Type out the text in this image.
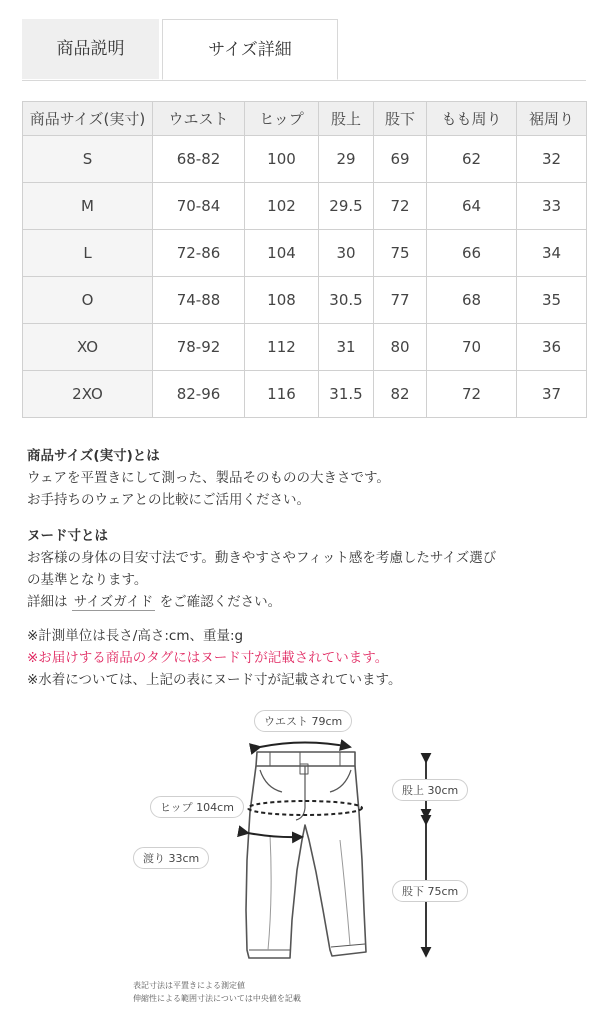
商品説明	サイズ詳細
商品サイズ(実寸)	ウエスト	ヒップ	股上	股下	もも周り	裾周り
S	68-82	100	29	69	62	32
M	70-84	102	29.5	72	64	33
L	72-86	104	30	75	66	34
O	74-88	108	30.5	77	68	35
XO	78-92	112	31	80	70	36
2XO	82-96	116	31.5	82	72	37

商品サイズ(実寸)とは

ウェアを平置きにして測った、製品そのものの大きさです。

お手持ちのウェアとの比較にご活用ください。

ヌード寸とは

お客様の身体の目安寸法です。動きやすさやフィット感を考慮したサイズ選び

の基準となります。

詳細は サイズガイド をご確認ください。

※計測単位は長さ/高さ:cm、重量:g

※お届けする商品のタグにはヌード寸が記載されています。

※水着については、上記の表にヌード寸が記載されています。

ウエスト 79cm
ヒップ 104cm
渡り 33cm
股上 30cm
股下 75cm
表記寸法は平置きによる測定値
伸縮性による範囲寸法については中央値を記載
